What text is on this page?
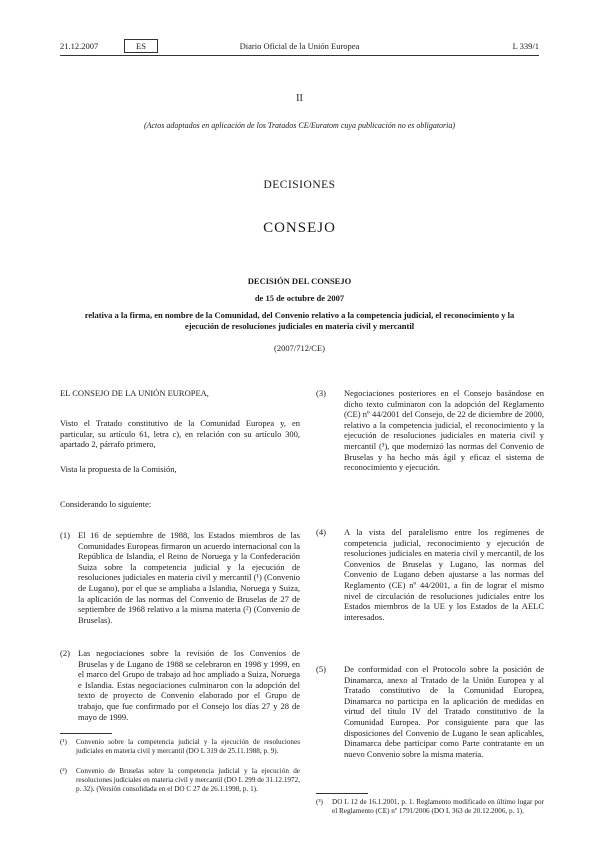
21.12.2007	ES	Diario Oficial de la Unión Europea	L 339/1
II
(Actos adoptados en aplicación de los Tratados CE/Euratom cuya publicación no es obligatoria)
DECISIONES
CONSEJO
DECISIÓN DEL CONSEJO
de 15 de octubre de 2007
relativa a la firma, en nombre de la Comunidad, del Convenio relativo a la competencia judicial, el reconocimiento y la ejecución de resoluciones judiciales en materia civil y mercantil
(2007/712/CE)
EL CONSEJO DE LA UNIÓN EUROPEA,
Visto el Tratado constitutivo de la Comunidad Europea y, en particular, su artículo 61, letra c), en relación con su artículo 300, apartado 2, párrafo primero,
Vista la propuesta de la Comisión,
Considerando lo siguiente:
(1) El 16 de septiembre de 1988, los Estados miembros de las Comunidades Europeas firmaron un acuerdo internacional con la República de Islandia, el Reino de Noruega y la Confederación Suiza sobre la competencia judicial y la ejecución de resoluciones judiciales en materia civil y mercantil (¹) (Convenio de Lugano), por el que se ampliaba a Islandia, Noruega y Suiza, la aplicación de las normas del Convenio de Bruselas de 27 de septiembre de 1968 relativo a la misma materia (²) (Convenio de Bruselas).
(2) Las negociaciones sobre la revisión de los Convenios de Bruselas y de Lugano de 1988 se celebraron en 1998 y 1999, en el marco del Grupo de trabajo ad hoc ampliado a Suiza, Noruega e Islandia. Estas negociaciones culminaron con la adopción del texto de proyecto de Convenio elaborado por el Grupo de trabajo, que fue confirmado por el Consejo los días 27 y 28 de mayo de 1999.
(¹) Convenio sobre la competencia judicial y la ejecución de resoluciones judiciales en materia civil y mercantil (DO L 319 de 25.11.1988, p. 9).
(²) Convenio de Bruselas sobre la competencia judicial y la ejecución de resoluciones judiciales en materia civil y mercantil (DO L 299 de 31.12.1972, p. 32). (Versión consolidada en el DO C 27 de 26.1.1998, p. 1).
(3) Negociaciones posteriores en el Consejo basándose en dicho texto culminaron con la adopción del Reglamento (CE) nº 44/2001 del Consejo, de 22 de diciembre de 2000, relativo a la competencia judicial, el reconocimiento y la ejecución de resoluciones judiciales en materia civil y mercantil (³), que modernizó las normas del Convenio de Bruselas y ha hecho más ágil y eficaz el sistema de reconocimiento y ejecución.
(4) A la vista del paralelismo entre los regímenes de competencia judicial, reconocimiento y ejecución de resoluciones judiciales en materia civil y mercantil, de los Convenios de Bruselas y Lugano, las normas del Convenio de Lugano deben ajustarse a las normas del Reglamento (CE) nº 44/2001, a fin de lograr el mismo nivel de circulación de resoluciones judiciales entre los Estados miembros de la UE y los Estados de la AELC interesados.
(5) De conformidad con el Protocolo sobre la posición de Dinamarca, anexo al Tratado de la Unión Europea y al Tratado constitutivo de la Comunidad Europea, Dinamarca no participa en la aplicación de medidas en virtud del título IV del Tratado constitutivo de la Comunidad Europea. Por consiguiente para que las disposiciones del Convenio de Lugano le sean aplicables, Dinamarca debe participar como Parte contratante en un nuevo Convenio sobre la misma materia.
(³) DO L 12 de 16.1.2001, p. 1. Reglamento modificado en último lugar por el Reglamento (CE) nº 1791/2006 (DO L 363 de 20.12.2006, p. 1).
